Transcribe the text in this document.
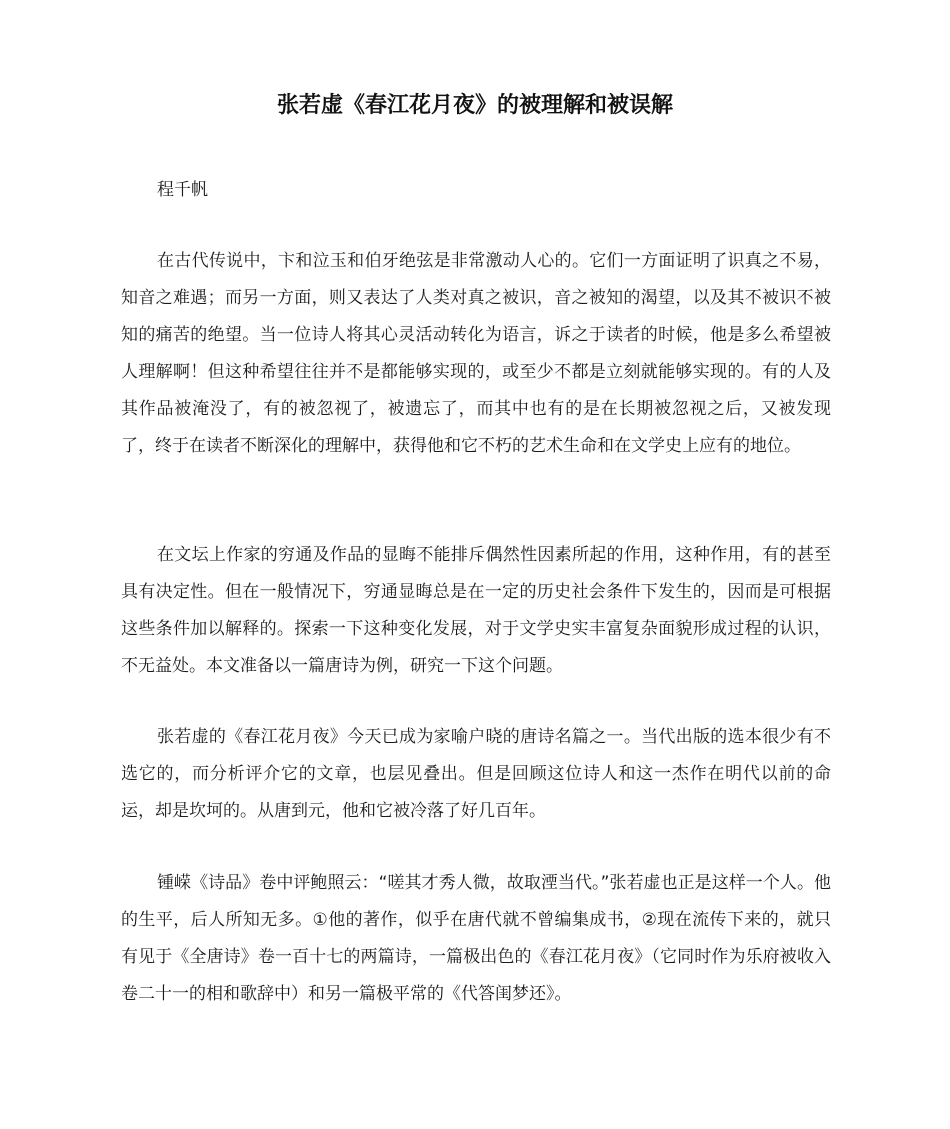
张若虚《春江花月夜》的被理解和被误解
程千帆

在古代传说中，卞和泣玉和伯牙绝弦是非常激动人心的。它们一方面证明了识真之不易，知音之难遇；而另一方面，则又表达了人类对真之被识，音之被知的渴望，以及其不被识不被知的痛苦的绝望。当一位诗人将其心灵活动转化为语言，诉之于读者的时候，他是多么希望被人理解啊！但这种希望往往并不是都能够实现的，或至少不都是立刻就能够实现的。有的人及其作品被淹没了，有的被忽视了，被遗忘了，而其中也有的是在长期被忽视之后，又被发现了，终于在读者不断深化的理解中，获得他和它不朽的艺术生命和在文学史上应有的地位。

在文坛上作家的穷通及作品的显晦不能排斥偶然性因素所起的作用，这种作用，有的甚至具有决定性。但在一般情况下，穷通显晦总是在一定的历史社会条件下发生的，因而是可根据这些条件加以解释的。探索一下这种变化发展，对于文学史实丰富复杂面貌形成过程的认识，不无益处。本文准备以一篇唐诗为例，研究一下这个问题。

张若虚的《春江花月夜》今天已成为家喻户晓的唐诗名篇之一。当代出版的选本很少有不选它的，而分析评介它的文章，也层见叠出。但是回顾这位诗人和这一杰作在明代以前的命运，却是坎坷的。从唐到元，他和它被冷落了好几百年。

锺嵘《诗品》卷中评鲍照云：“嗟其才秀人微，故取湮当代。”张若虚也正是这样一个人。他的生平，后人所知无多。①他的著作，似乎在唐代就不曾编集成书，②现在流传下来的，就只有见于《全唐诗》卷一百十七的两篇诗，一篇极出色的《春江花月夜》（它同时作为乐府被收入卷二十一的相和歌辞中）和另一篇极平常的《代答闺梦还》。
